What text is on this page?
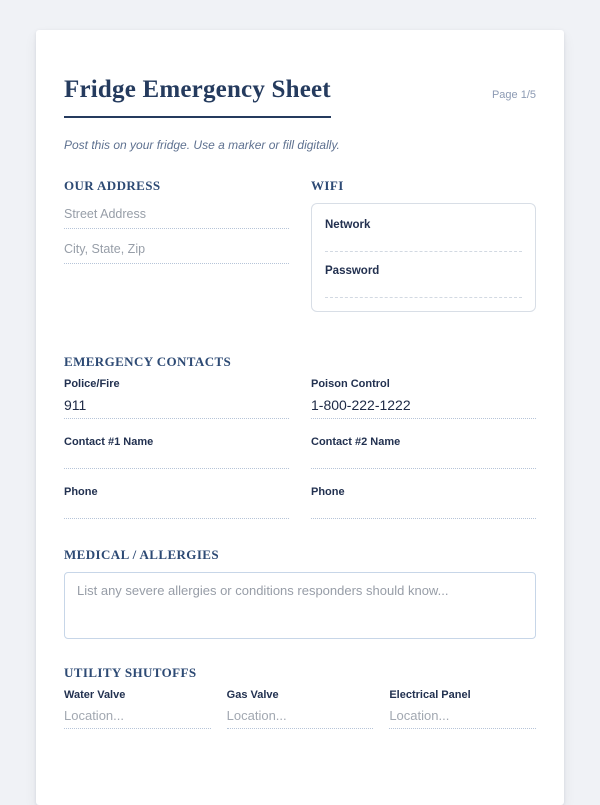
Fridge Emergency Sheet	Page 1/5
Post this on your fridge. Use a marker or fill digitally.
OUR ADDRESS
Street Address
City, State, Zip
WIFI
Network
Password
EMERGENCY CONTACTS
Police/Fire
911
Contact #1 Name
Phone
Poison Control
1-800-222-1222
Contact #2 Name
Phone
MEDICAL / ALLERGIES
List any severe allergies or conditions responders should know...
UTILITY SHUTOFFS
Water Valve
Location...
Gas Valve
Location...
Electrical Panel
Location...
